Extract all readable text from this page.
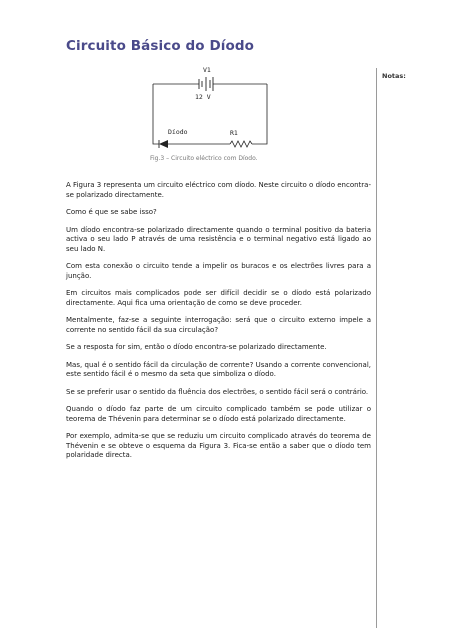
Circuito Básico do Díodo
Notas:
V1
12 V
Díodo	R1
Fig.3 – Circuito eléctrico com Díodo.

A Figura 3 representa um circuito eléctrico com díodo. Neste circuito o díodo encontra-se polarizado directamente.

Como é que se sabe isso?

Um díodo encontra-se polarizado directamente quando o terminal positivo da bateria activa o seu lado P através de uma resistência e o terminal negativo está ligado ao seu lado N.

Com esta conexão o circuito tende a impelir os buracos e os electrões livres para a junção.

Em circuitos mais complicados pode ser difícil decidir se o díodo está polarizado directamente. Aqui fica uma orientação de como se deve proceder.

Mentalmente, faz-se a seguinte interrogação: será que o circuito externo impele a corrente no sentido fácil da sua circulação?

Se a resposta for sim, então o díodo encontra-se polarizado directamente.

Mas, qual é o sentido fácil da circulação de corrente? Usando a corrente convencional, este sentido fácil é o mesmo da seta que simboliza o díodo.

Se se preferir usar o sentido da fluência dos electrões, o sentido fácil será o contrário.

Quando o díodo faz parte de um circuito complicado também se pode utilizar o teorema de Thévenin para determinar se o díodo está polarizado directamente.

Por exemplo, admita-se que se reduziu um circuito complicado através do teorema de Thévenin e se obteve o esquema da Figura 3. Fica-se então a saber que o díodo tem polaridade directa.
